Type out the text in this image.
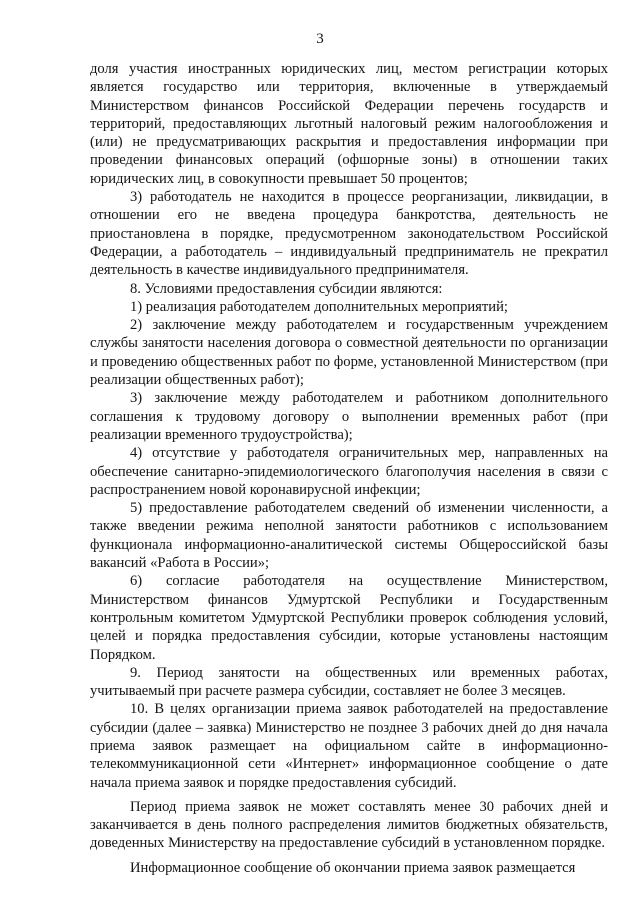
3

доля участия иностранных юридических лиц, местом регистрации которых является государство или территория, включенные в утверждаемый Министерством финансов Российской Федерации перечень государств и территорий, предоставляющих льготный налоговый режим налогообложения и (или) не предусматривающих раскрытия и предоставления информации при проведении финансовых операций (офшорные зоны) в отношении таких юридических лиц, в совокупности превышает 50 процентов;

3) работодатель не находится в процессе реорганизации, ликвидации, в отношении его не введена процедура банкротства, деятельность не приостановлена в порядке, предусмотренном законодательством Российской Федерации, а работодатель – индивидуальный предприниматель не прекратил деятельность в качестве индивидуального предпринимателя.

8. Условиями предоставления субсидии являются:

1) реализация работодателем дополнительных мероприятий;

2) заключение между работодателем и государственным учреждением службы занятости населения договора о совместной деятельности по организации и проведению общественных работ по форме, установленной Министерством (при реализации общественных работ);

3) заключение между работодателем и работником дополнительного соглашения к трудовому договору о выполнении временных работ (при реализации временного трудоустройства);

4) отсутствие у работодателя ограничительных мер, направленных на обеспечение санитарно-эпидемиологического благополучия населения в связи с распространением новой коронавирусной инфекции;

5) предоставление работодателем сведений об изменении численности, а также введении режима неполной занятости работников с использованием функционала информационно-аналитической системы Общероссийской базы вакансий «Работа в России»;

6) согласие работодателя на осуществление Министерством, Министерством финансов Удмуртской Республики и Государственным контрольным комитетом Удмуртской Республики проверок соблюдения условий, целей и порядка предоставления субсидии, которые установлены настоящим Порядком.

9. Период занятости на общественных или временных работах, учитываемый при расчете размера субсидии, составляет не более 3 месяцев.

10. В целях организации приема заявок работодателей на предоставление субсидии (далее – заявка) Министерство не позднее 3 рабочих дней до дня начала приема заявок размещает на официальном сайте в информационно-телекоммуникационной сети «Интернет» информационное сообщение о дате начала приема заявок и порядке предоставления субсидий.

Период приема заявок не может составлять менее 30 рабочих дней и заканчивается в день полного распределения лимитов бюджетных обязательств, доведенных Министерству на предоставление субсидий в установленном порядке.

Информационное сообщение об окончании приема заявок размещается
